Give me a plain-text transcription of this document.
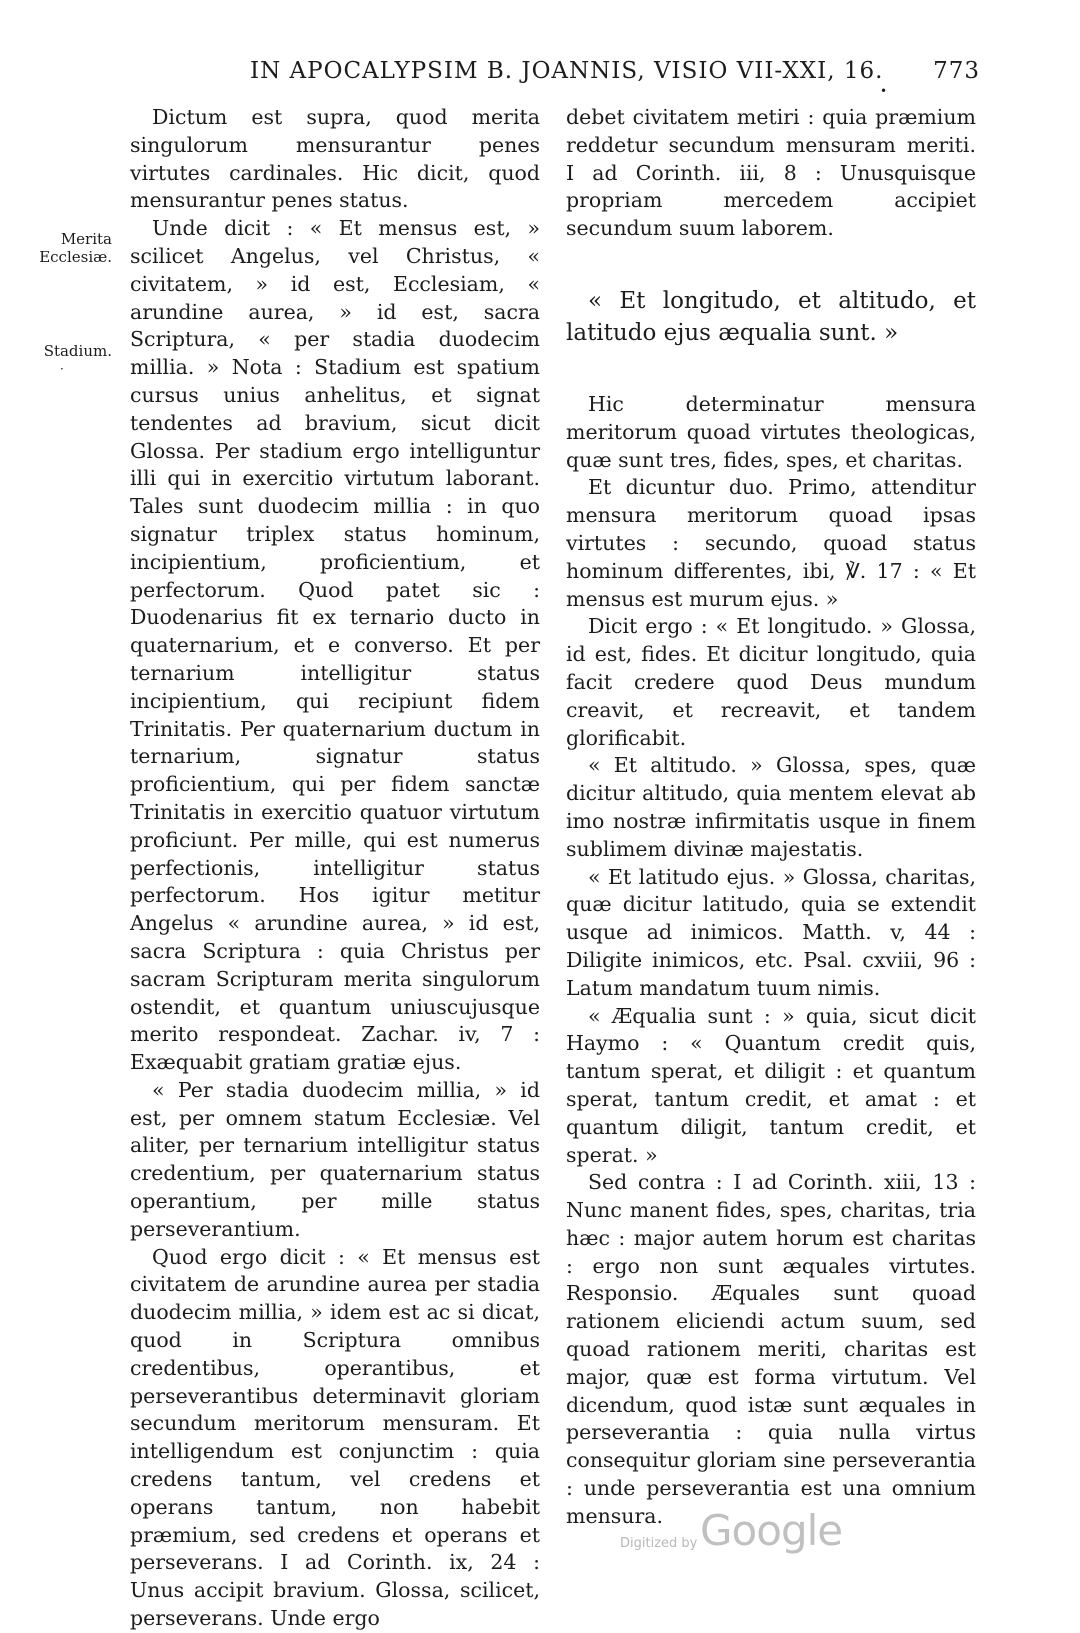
IN APOCALYPSIM B. JOANNIS, VISIO VII-XXI, 16. 773
•
Merita Ecclesiæ.
Stadium.
·

Dictum est supra, quod merita singulorum mensurantur penes virtutes cardinales. Hic dicit, quod mensurantur penes status.

Unde dicit : « Et mensus est, » scilicet Angelus, vel Christus, « civitatem, » id est, Ecclesiam, « arundine aurea, » id est, sacra Scriptura, « per stadia duodecim millia. » Nota : Stadium est spatium cursus unius anhelitus, et signat tendentes ad bravium, sicut dicit Glossa. Per stadium ergo intelliguntur illi qui in exercitio virtutum laborant. Tales sunt duodecim millia : in quo signatur triplex status hominum, incipientium, proficientium, et perfectorum. Quod patet sic : Duodenarius fit ex ternario ducto in quaternarium, et e converso. Et per ternarium intelligitur status incipientium, qui recipiunt fidem Trinitatis. Per quaternarium ductum in ternarium, signatur status proficientium, qui per fidem sanctæ Trinitatis in exercitio quatuor virtutum proficiunt. Per mille, qui est numerus perfectionis, intelligitur status perfectorum. Hos igitur metitur Angelus « arundine aurea, » id est, sacra Scriptura : quia Christus per sacram Scripturam merita singulorum ostendit, et quantum uniuscujusque merito respondeat. Zachar. iv, 7 : Exæquabit gratiam gratiæ ejus.

« Per stadia duodecim millia, » id est, per omnem statum Ecclesiæ. Vel aliter, per ternarium intelligitur status credentium, per quaternarium status operantium, per mille status perseverantium.

Quod ergo dicit : « Et mensus est civitatem de arundine aurea per stadia duodecim millia, » idem est ac si dicat, quod in Scriptura omnibus credentibus, operantibus, et perseverantibus determinavit gloriam secundum meritorum mensuram. Et intelligendum est conjunctim : quia credens tantum, vel credens et operans tantum, non habebit præmium, sed credens et operans et perseverans. I ad Corinth. ix, 24 : Unus accipit bravium. Glossa, scilicet, perseverans. Unde ergo

debet civitatem metiri : quia præmium reddetur secundum mensuram meriti. I ad Corinth. iii, 8 : Unusquisque propriam mercedem accipiet secundum suum laborem.

« Et longitudo, et altitudo, et latitudo ejus æqualia sunt. »

Hic determinatur mensura meritorum quoad virtutes theologicas, quæ sunt tres, fides, spes, et charitas.

Et dicuntur duo. Primo, attenditur mensura meritorum quoad ipsas virtutes : secundo, quoad status hominum differentes, ibi, ℣. 17 : « Et mensus est murum ejus. »

Dicit ergo : « Et longitudo. » Glossa, id est, fides. Et dicitur longitudo, quia facit credere quod Deus mundum creavit, et recreavit, et tandem glorificabit.

« Et altitudo. » Glossa, spes, quæ dicitur altitudo, quia mentem elevat ab imo nostræ infirmitatis usque in finem sublimem divinæ majestatis.

« Et latitudo ejus. » Glossa, charitas, quæ dicitur latitudo, quia se extendit usque ad inimicos. Matth. v, 44 : Diligite inimicos, etc. Psal. cxviii, 96 : Latum mandatum tuum nimis.

« Æqualia sunt : » quia, sicut dicit Haymo : « Quantum credit quis, tantum sperat, et diligit : et quantum sperat, tantum credit, et amat : et quantum diligit, tantum credit, et sperat. »

Sed contra : I ad Corinth. xiii, 13 : Nunc manent fides, spes, charitas, tria hæc : major autem horum est charitas : ergo non sunt æquales virtutes. Responsio. Æquales sunt quoad rationem eliciendi actum suum, sed quoad rationem meriti, charitas est major, quæ est forma virtutum. Vel dicendum, quod istæ sunt æquales in perseverantia : quia nulla virtus consequitur gloriam sine perseverantia : unde perseverantia est una omnium mensura.

Digitized by Google
